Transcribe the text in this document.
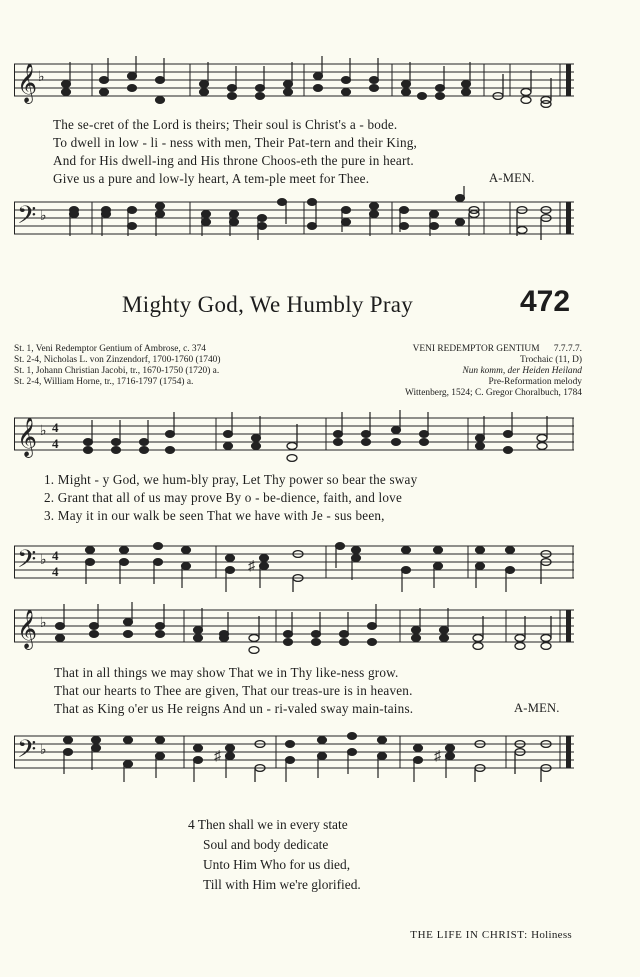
𝄞 ♭
The se-cret of the Lord is theirs; Their soul is Christ's a - bode.
To dwell in low - li - ness with men, Their Pat-tern and their King,
And for His dwell-ing and His throne Choos-eth the pure in heart.
Give us a pure and low-ly heart, A tem-ple meet for Thee.	A-MEN.
𝄢 ♭
Mighty God, We Humbly Pray	472
St. 1, Veni Redemptor Gentium of Ambrose, c. 374
St. 2-4, Nicholas L. von Zinzendorf, 1700-1760 (1740)
St. 1, Johann Christian Jacobi, tr., 1670-1750 (1720) a.
St. 2-4, William Horne, tr., 1716-1797 (1754) a.
VENI REDEMPTOR GENTIUM 7.7.7.7.
Trochaic (11, D)
Nun komm, der Heiden Heiland
Pre-Reformation melody
Wittenberg, 1524; C. Gregor Choralbuch, 1784
𝄞 ♭ 4
4
1. Might - y God, we hum-bly pray, Let Thy power so bear the sway
2. Grant that all of us may prove By o - be-dience, faith, and love
3. May it in our walk be seen That we have with Je - sus been,
𝄢 ♭ 4
4	♯
𝄞 ♭
That in all things we may show That we in Thy like-ness grow.
That our hearts to Thee are given, That our treas-ure is in heaven.
That as King o'er us He reigns And un - ri-valed sway main-tains.	A-MEN.
𝄢 ♭	♯	♯
4 Then shall we in every state
Soul and body dedicate
Unto Him Who for us died,
Till with Him we're glorified.
THE LIFE IN CHRIST: Holiness
